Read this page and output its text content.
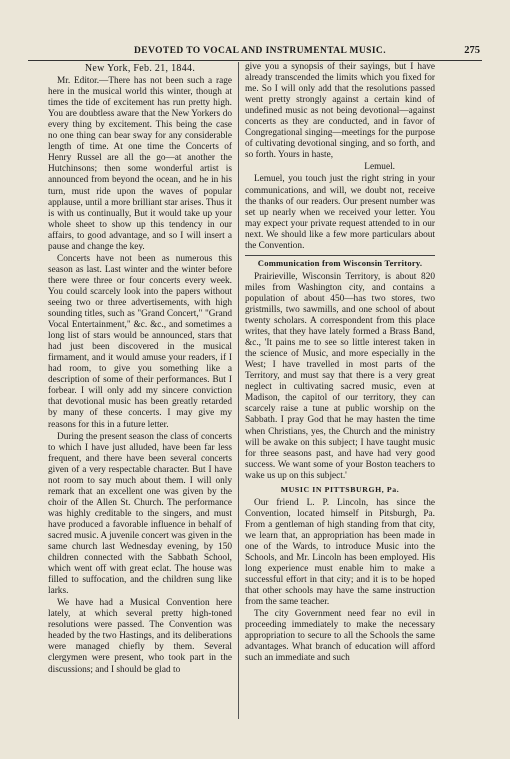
DEVOTED TO VOCAL AND INSTRUMENTAL MUSIC.	275
New York, Feb. 21, 1844.

Mr. Editor.—There has not been such a rage here in the musical world this winter, though at times the tide of excitement has run pretty high. You are doubtless aware that the New Yorkers do every thing by excitement. This being the case no one thing can bear sway for any considerable length of time. At one time the Concerts of Henry Russel are all the go—at another the Hutchinsons; then some wonderful artist is announced from beyond the ocean, and he in his turn, must ride upon the waves of popular applause, until a more brilliant star arises. Thus it is with us continually, But it would take up your whole sheet to show up this tendency in our affairs, to good advantage, and so I will insert a pause and change the key.

Concerts have not been as numerous this season as last. Last winter and the winter before there were three or four concerts every week. You could scarcely look into the papers without seeing two or three advertisements, with high sounding titles, such as "Grand Concert," "Grand Vocal Entertainment," &c. &c., and sometimes a long list of stars would be announced, stars that had just been discovered in the musical firmament, and it would amuse your readers, if I had room, to give you something like a description of some of their performances. But I forbear. I will only add my sincere conviction that devotional music has been greatly retarded by many of these concerts. I may give my reasons for this in a future letter.

During the present season the class of concerts to which I have just alluded, have been far less frequent, and there have been several concerts given of a very respectable character. But I have not room to say much about them. I will only remark that an excellent one was given by the choir of the Allen St. Church. The performance was highly creditable to the singers, and must have produced a favorable influence in behalf of sacred music. A juvenile concert was given in the same church last Wednesday evening, by 150 children connected with the Sabbath School, which went off with great eclat. The house was filled to suffocation, and the children sung like larks.

We have had a Musical Convention here lately, at which several pretty high-toned resolutions were passed. The Convention was headed by the two Hastings, and its deliberations were managed chiefly by them. Several clergymen were present, who took part in the discussions; and I should be glad to

give you a synopsis of their sayings, but I have already transcended the limits which you fixed for me. So I will only add that the resolutions passed went pretty strongly against a certain kind of undefined music as not being devotional—against concerts as they are conducted, and in favor of Congregational singing—meetings for the purpose of cultivating devotional singing, and so forth, and so forth. Yours in haste,

Lemuel.

Lemuel, you touch just the right string in your communications, and will, we doubt not, receive the thanks of our readers. Our present number was set up nearly when we received your letter. You may expect your private request attended to in our next. We should like a few more particulars about the Convention.

Communication from Wisconsin Territory.

Prairieville, Wisconsin Territory, is about 820 miles from Washington city, and contains a population of about 450—has two stores, two gristmills, two sawmills, and one school of about twenty scholars. A correspondent from this place writes, that they have lately formed a Brass Band, &c., 'It pains me to see so little interest taken in the science of Music, and more especially in the West; I have travelled in most parts of the Territory, and must say that there is a very great neglect in cultivating sacred music, even at Madison, the capitol of our territory, they can scarcely raise a tune at public worship on the Sabbath. I pray God that he may hasten the time when Christians, yes, the Church and the ministry will be awake on this subject; I have taught music for three seasons past, and have had very good success. We want some of your Boston teachers to wake us up on this subject.'

MUSIC IN PITTSBURGH, Pa.

Our friend L. P. Lincoln, has since the Convention, located himself in Pitsburgh, Pa. From a gentleman of high standing from that city, we learn that, an appropriation has been made in one of the Wards, to introduce Music into the Schools, and Mr. Lincoln has been employed. His long experience must enable him to make a successful effort in that city; and it is to be hoped that other schools may have the same instruction from the same teacher.

The city Government need fear no evil in proceeding immediately to make the necessary appropriation to secure to all the Schools the same advantages. What branch of education will afford such an immediate and such
